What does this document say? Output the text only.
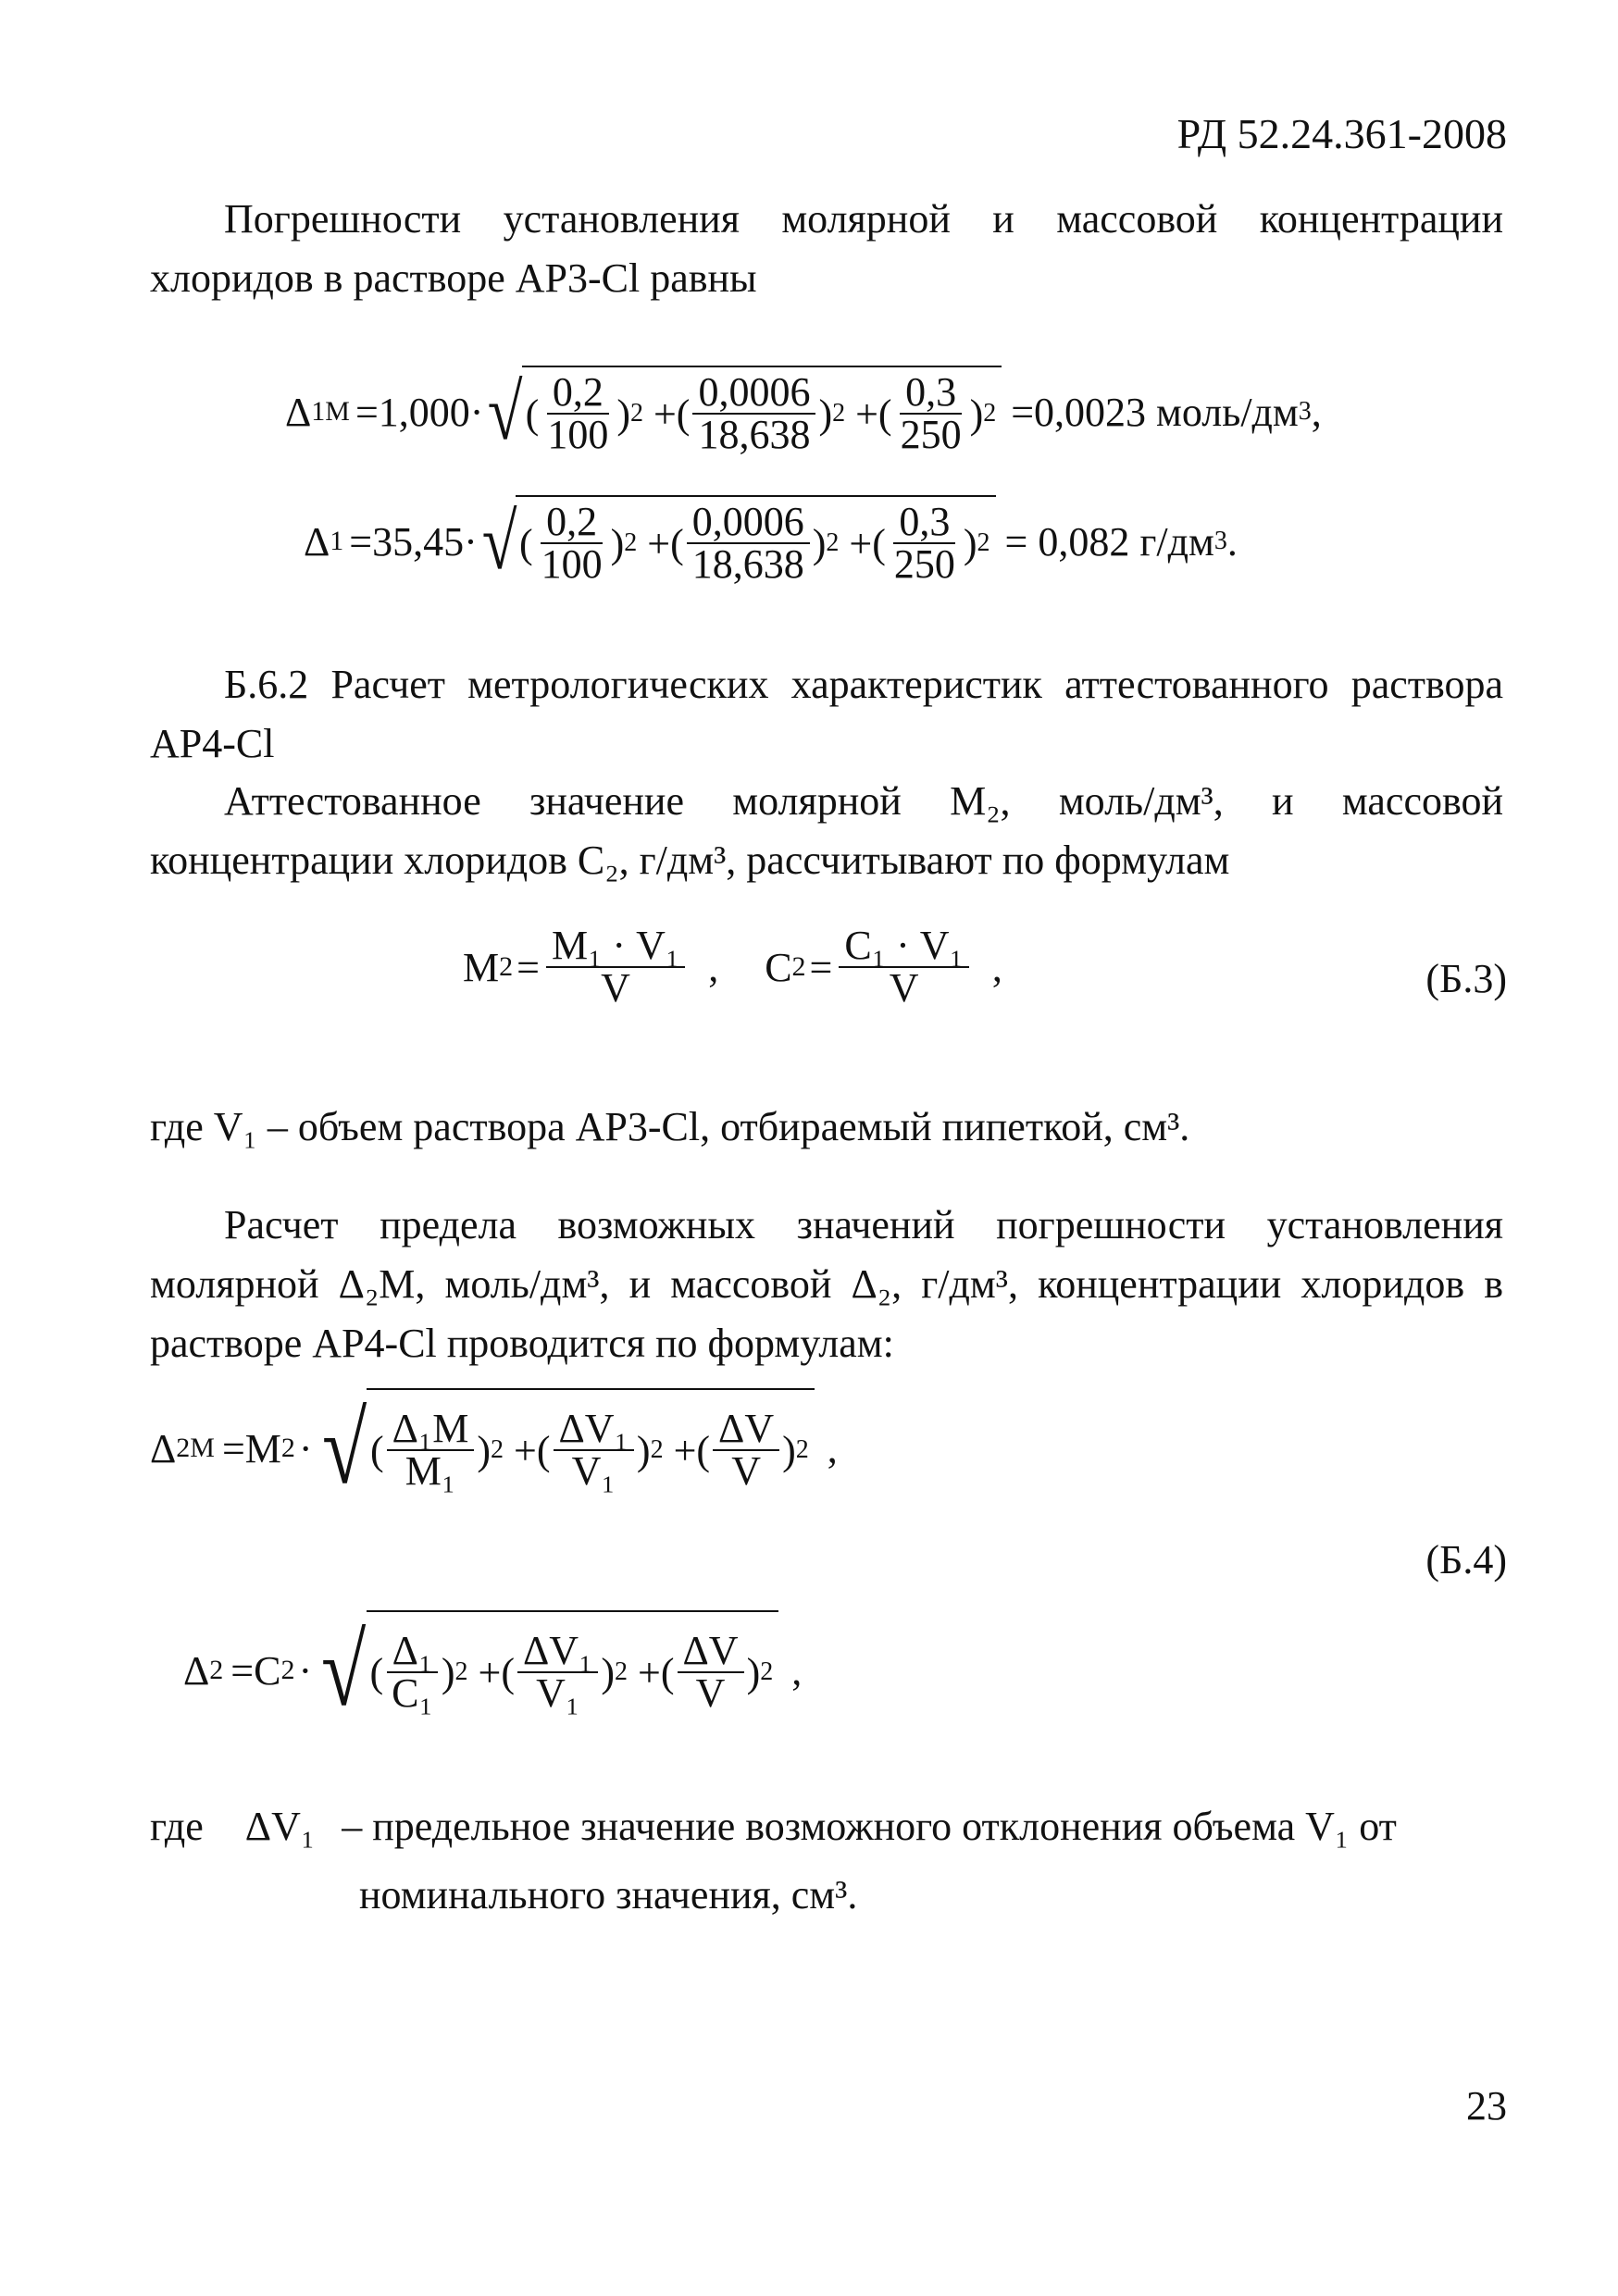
РД 52.24.361-2008
Погрешности установления молярной и массовой концентрации хлоридов в растворе АР3-Cl равны
Δ 1М =1,000· √ ( $\frac{0,2}{100}$ ) 2 +( $\frac{0,0006}{18,638}$ ) 2 +( $\frac{0,3}{250}$ ) 2 =0,0023 моль/дм 3 ,
Δ 1 =35,45· √ ( $\frac{0,2}{100}$ ) 2 +( $\frac{0,0006}{18,638}$ ) 2 +( $\frac{0,3}{250}$ ) 2 = 0,082 г/дм 3 .
Б.6.2 Расчет метрологических характеристик аттестованного раствора АР4-Cl
Аттестованное значение молярной М₂, моль/дм³, и массовой концентрации хлоридов С₂, г/дм³, рассчитывают по формулам
М $2 = \frac{\text{М₁ · V₁}}{V}$ , С $2 = \frac{\text{С₁ · V₁}}{V}$ ,	(Б.3)
где V₁ – объем раствора АР3-Cl, отбираемый пипеткой, см³.
Расчет предела возможных значений погрешности установления молярной Δ₂М, моль/дм³, и массовой Δ₂, г/дм³, концентрации хлоридов в растворе АР4-Cl проводится по формулам:
Δ 2М =М 2 · √ ( $\frac{\text{Δ₁М}}{\text{М₁}}$ ) 2 +( $\frac{\text{ΔV₁}}{\text{V₁}}$ ) 2 +( $\frac{\Delta V}{V}$ ) 2 ,
(Б.4)
Δ 2 =С 2 · √ ( $\frac{\text{Δ₁}}{\text{С₁}}$ ) 2 +( $\frac{\text{ΔV₁}}{\text{V₁}}$ ) 2 +( $\frac{\Delta V}{V}$ ) 2 ,
где ΔV₁ – предельное значение возможного отклонения объема V₁ от
номинального значения, см³.
23
